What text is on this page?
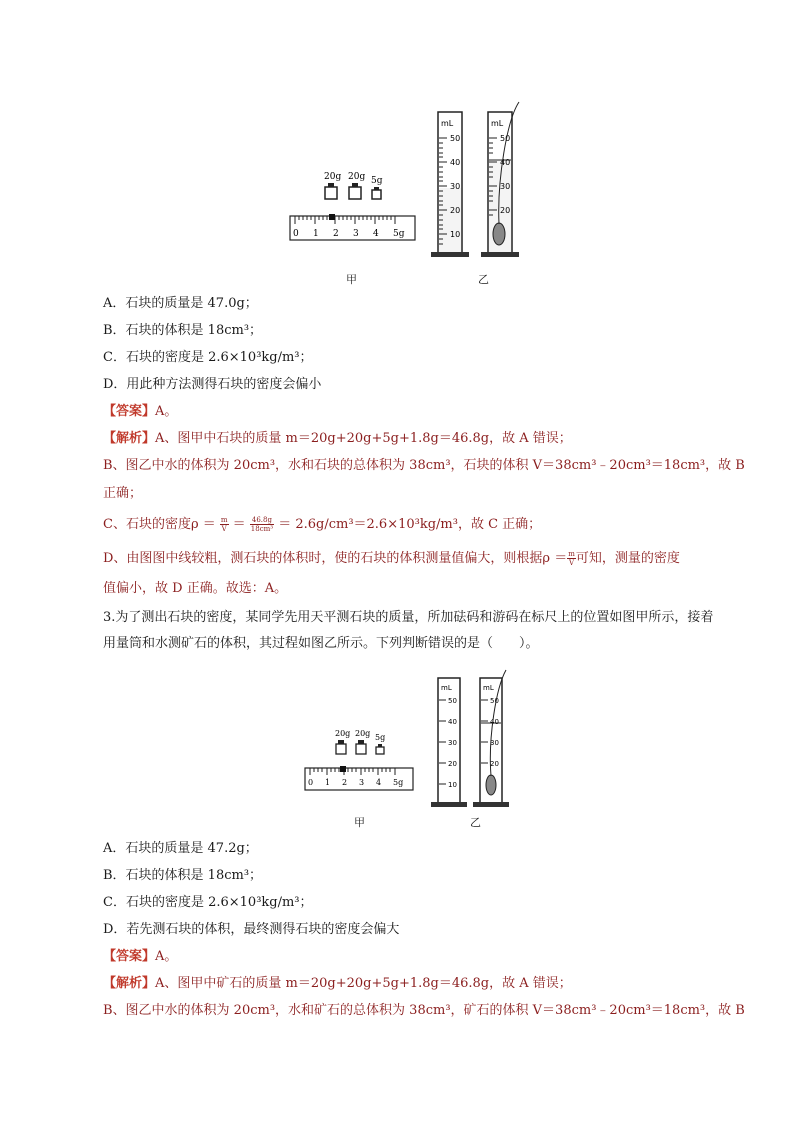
20g 20g 5g
0 1 2 3 4 5g
mL
50
40
30
20
10
mL
50
40
30
20
甲	乙
A．石块的质量是 47.0g；
B．石块的体积是 18cm³；
C．石块的密度是 2.6×10³kg/m³；
D．用此种方法测得石块的密度会偏小
【答案】A。
【解析】A、图甲中石块的质量 m＝20g+20g+5g+1.8g＝46.8g，故 A 错误；
B、图乙中水的体积为 20cm³，水和石块的总体积为 38cm³，石块的体积 V＝38cm³﹣20cm³＝18cm³，故 B
正确；
C、石块的密度$\rho = \frac{m}{V} = \frac{46.8g}{\text{18cm³}} = 2.6g/cm^3=2.6\times 10^3kg/m^3$，故 C 正确；
D、由图图中线较粗，测石块的体积时，使的石块的体积测量值偏大，则根据$\rho = \frac{m}{V}$ 可知，测量的密度
值偏小，故 D 正确。故选：A。
3.为了测出石块的密度，某同学先用天平测石块的质量，所加砝码和游码在标尺上的位置如图甲所示，接着用量筒和水测矿石的体积，其过程如图乙所示。下列判断错误的是（　　）。
20g 20g 5g
0 1 2 3 4 5g
mL
50
40
30
20
10
mL
50
40
30
20
甲	乙
A．石块的质量是 47.2g；
B．石块的体积是 18cm³；
C．石块的密度是 2.6×10³kg/m³；
D．若先测石块的体积，最终测得石块的密度会偏大
【答案】A。
【解析】A、图甲中矿石的质量 m＝20g+20g+5g+1.8g＝46.8g，故 A 错误；
B、图乙中水的体积为 20cm³，水和矿石的总体积为 38cm³，矿石的体积 V＝38cm³﹣20cm³＝18cm³，故 B
